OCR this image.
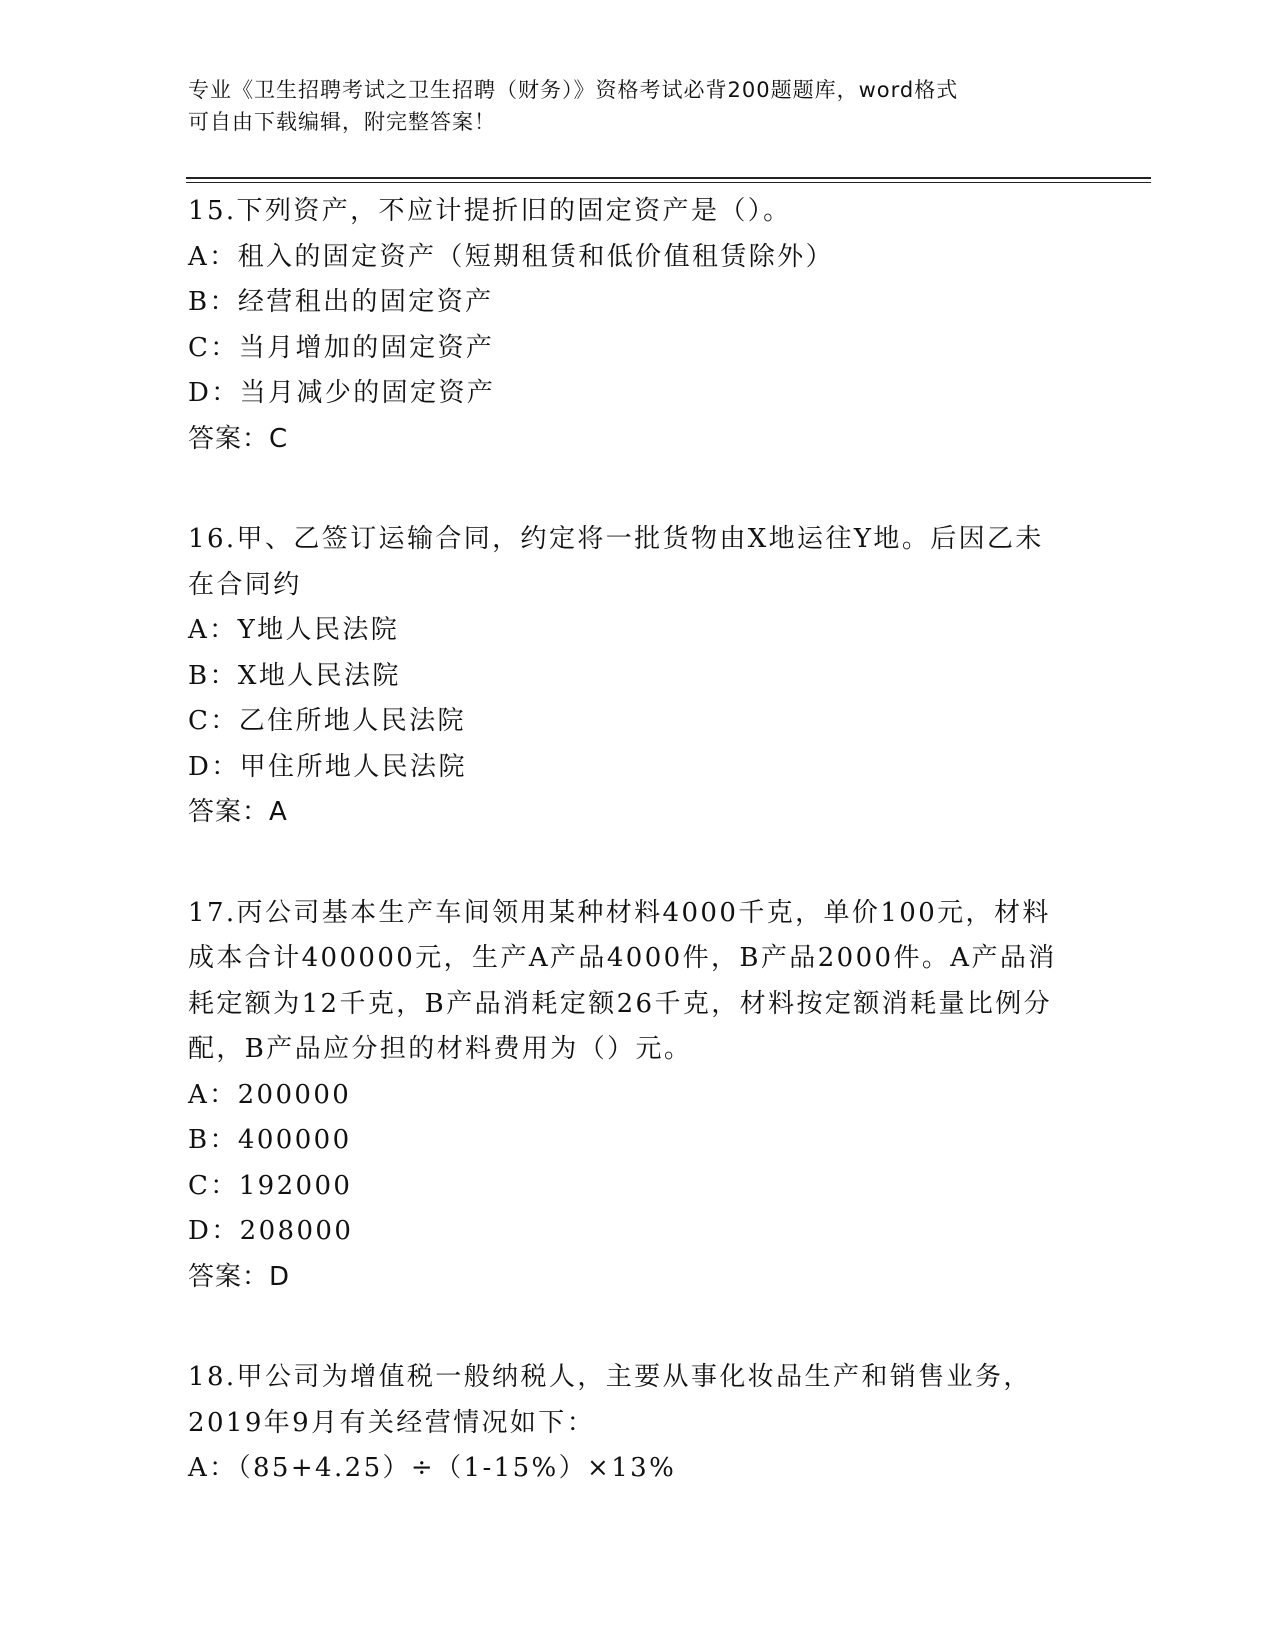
专业《卫生招聘考试之卫生招聘（财务）》资格考试必背200题题库，word格式
可自由下载编辑，附完整答案！

15.下列资产，不应计提折旧的固定资产是（）。

A：租入的固定资产（短期租赁和低价值租赁除外）

B：经营租出的固定资产

C：当月增加的固定资产

D：当月减少的固定资产

答案：C

16.甲、乙签订运输合同，约定将一批货物由X地运往Y地。后因乙未

在合同约

A：Y地人民法院

B：X地人民法院

C：乙住所地人民法院

D：甲住所地人民法院

答案：A

17.丙公司基本生产车间领用某种材料4000千克，单价100元，材料

成本合计400000元，生产A产品4000件，B产品2000件。A产品消

耗定额为12千克，B产品消耗定额26千克，材料按定额消耗量比例分

配，B产品应分担的材料费用为（）元。

A：200000

B：400000

C：192000

D：208000

答案：D

18.甲公司为增值税一般纳税人，主要从事化妆品生产和销售业务，

2019年9月有关经营情况如下：

A：（85+4.25）÷（1-15%）×13%
